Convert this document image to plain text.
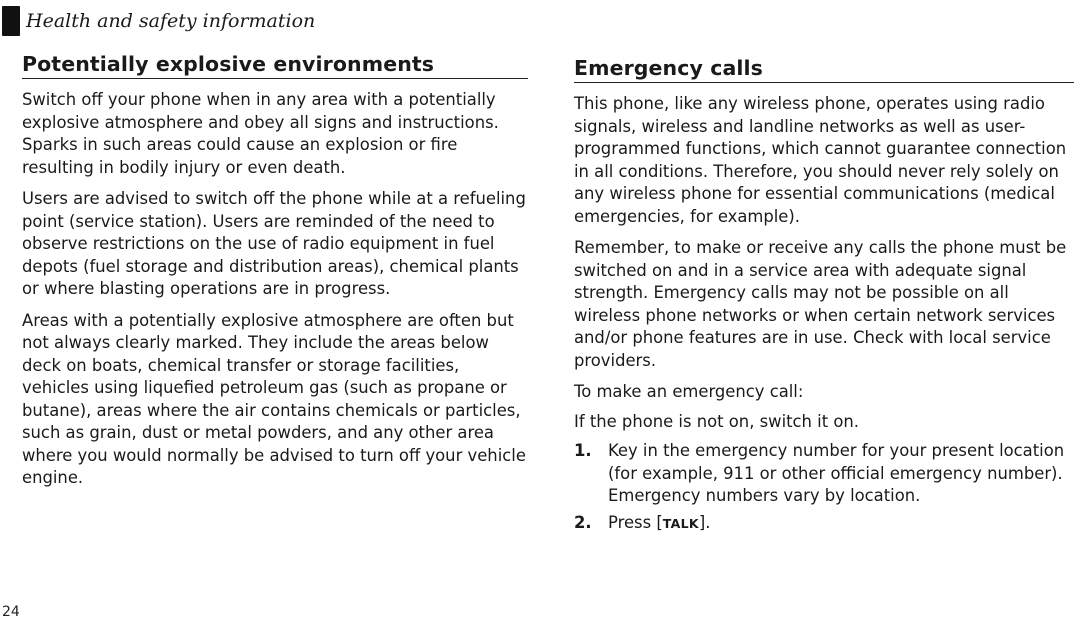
Health and safety information
Potentially explosive environments

Switch off your phone when in any area with a potentially explosive atmosphere and obey all signs and instructions. Sparks in such areas could cause an explosion or fire resulting in bodily injury or even death.

Users are advised to switch off the phone while at a refueling point (service station). Users are reminded of the need to observe restrictions on the use of radio equipment in fuel depots (fuel storage and distribution areas), chemical plants or where blasting operations are in progress.

Areas with a potentially explosive atmosphere are often but not always clearly marked. They include the areas below deck on boats, chemical transfer or storage facilities, vehicles using liquefied petroleum gas (such as propane or butane), areas where the air contains chemicals or particles, such as grain, dust or metal powders, and any other area where you would normally be advised to turn off your vehicle engine.

Emergency calls

This phone, like any wireless phone, operates using radio signals, wireless and landline networks as well as user-programmed functions, which cannot guarantee connection in all conditions. Therefore, you should never rely solely on any wireless phone for essential communications (medical emergencies, for example).

Remember, to make or receive any calls the phone must be switched on and in a service area with adequate signal strength. Emergency calls may not be possible on all wireless phone networks or when certain network services and/or phone features are in use. Check with local service providers.

To make an emergency call:

If the phone is not on, switch it on.

1. Key in the emergency number for your present location (for example, 911 or other official emergency number). Emergency numbers vary by location.
2. Press [TALK].
24
